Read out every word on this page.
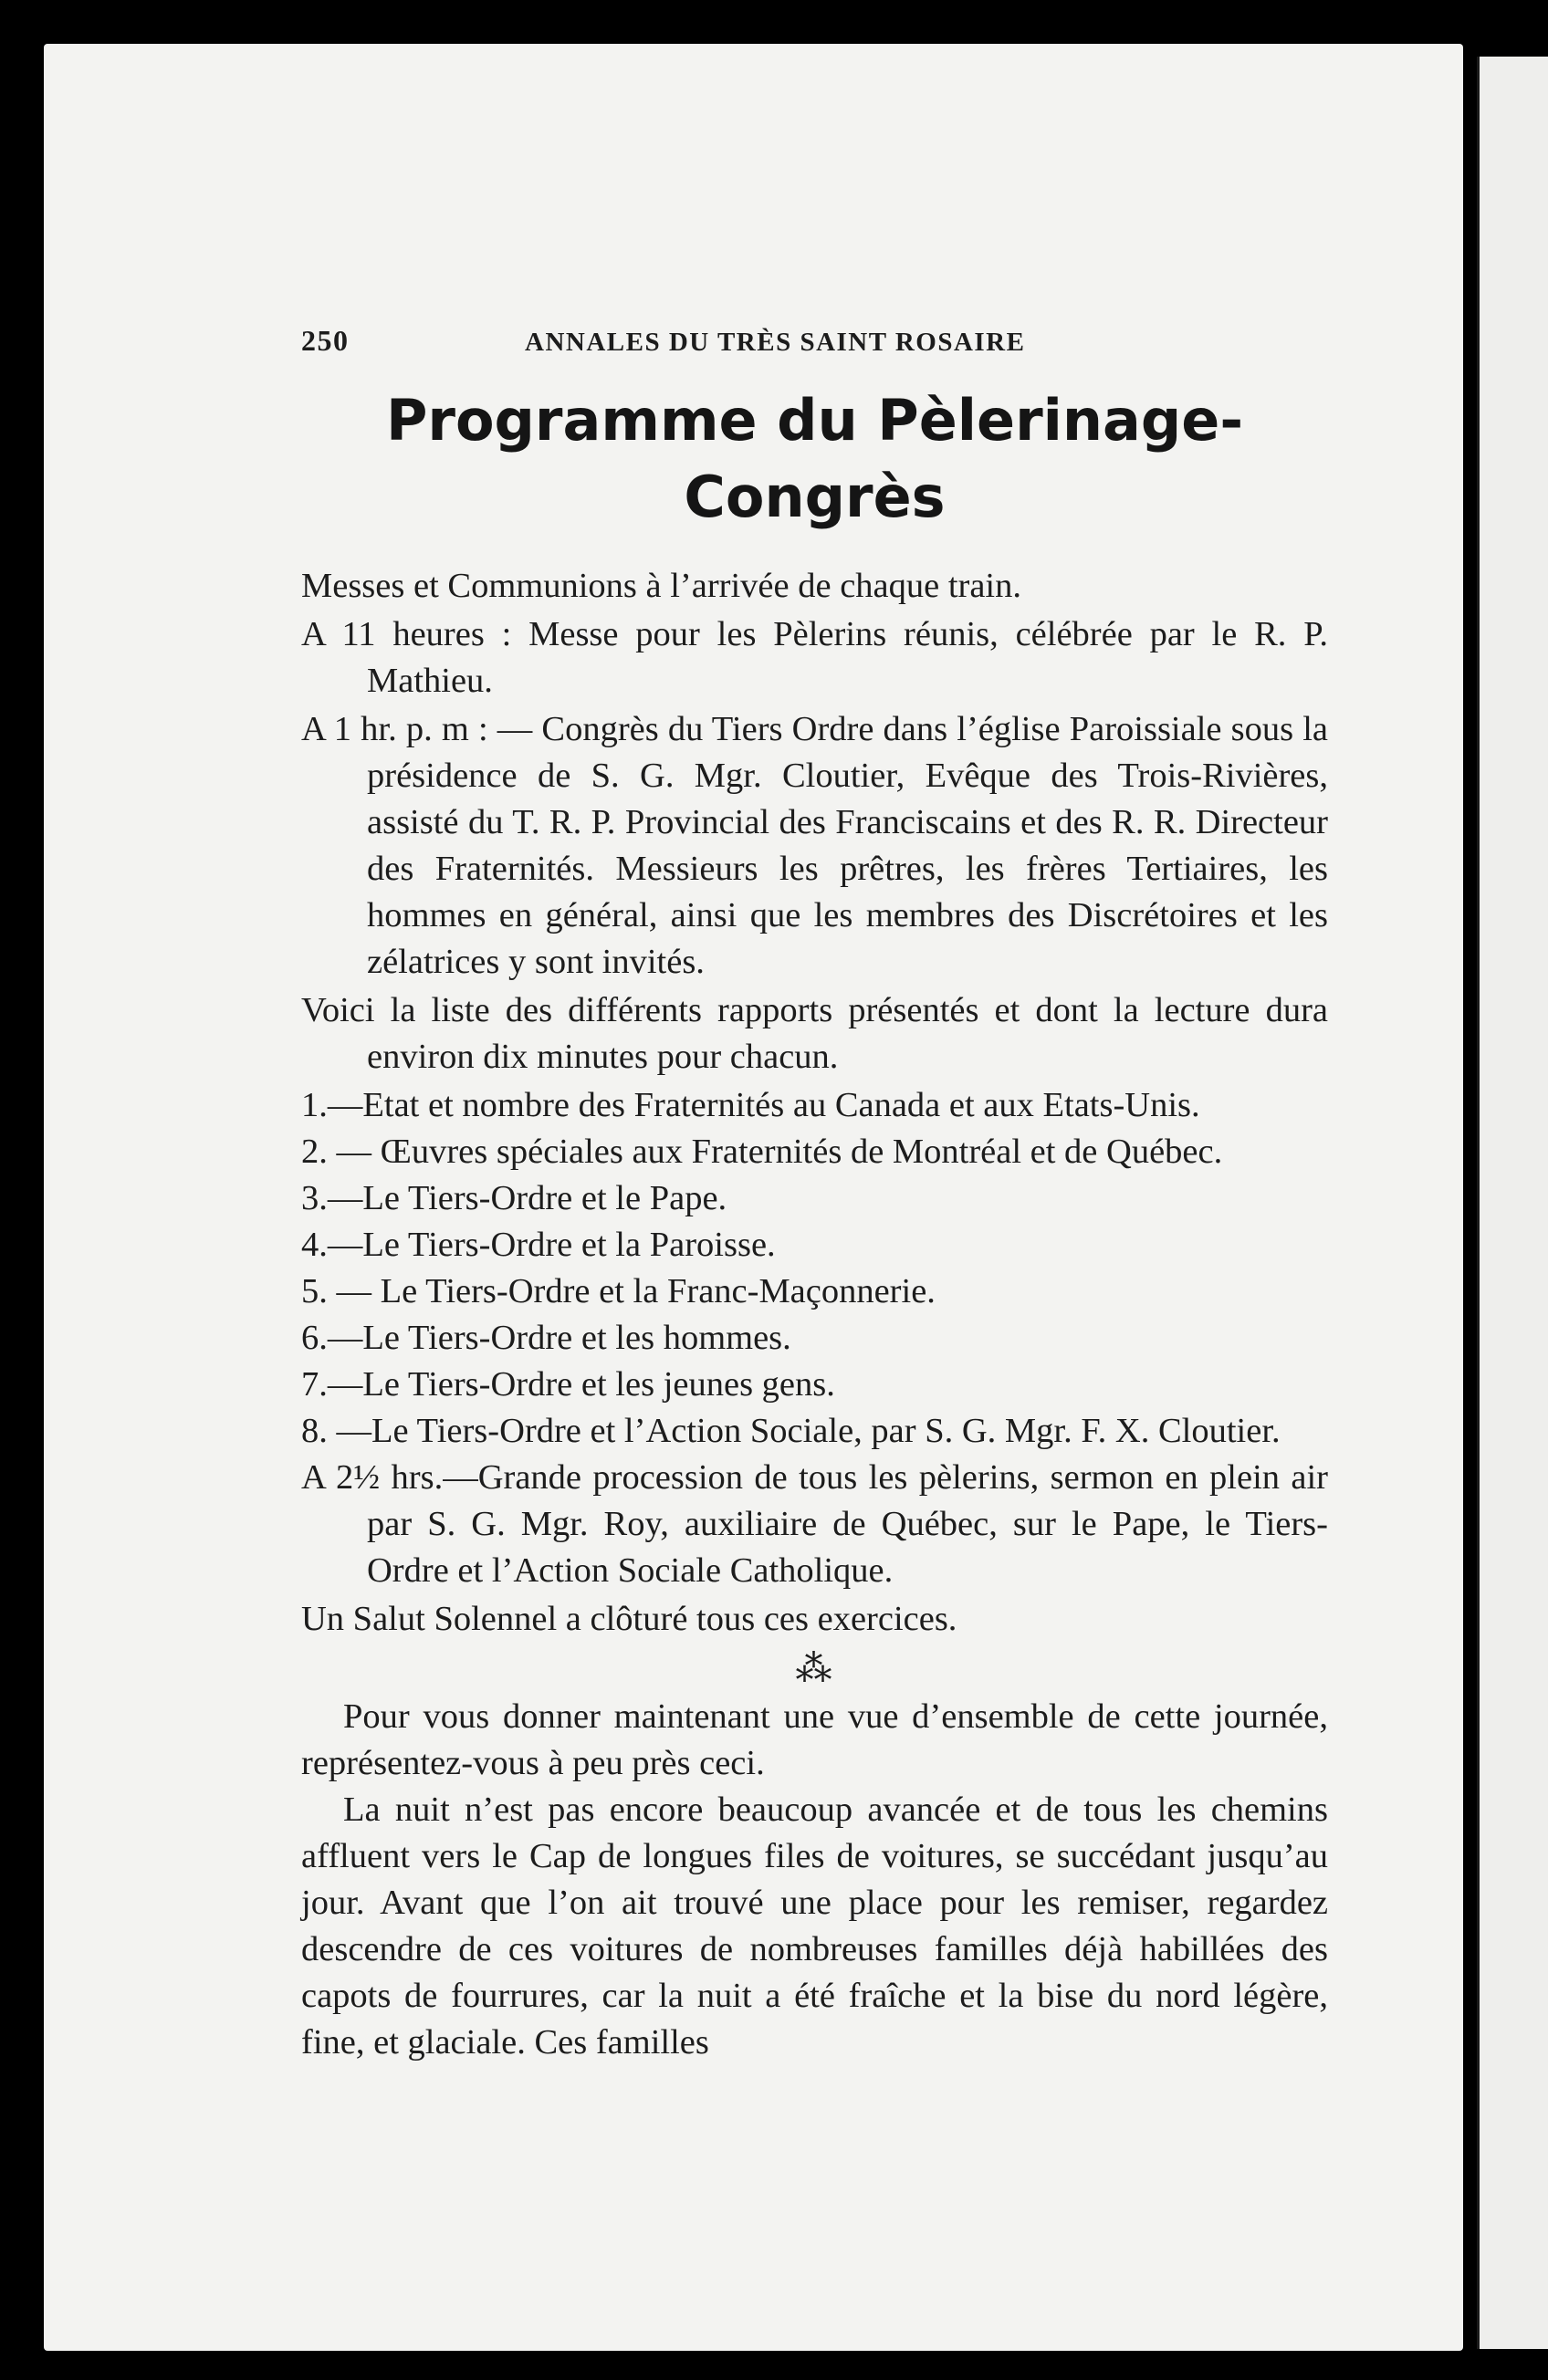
250	ANNALES DU TRÈS SAINT ROSAIRE
Programme du Pèlerinage-Congrès

Messes et Communions à l’arrivée de chaque train.

A 11 heures : Messe pour les Pèlerins réunis, célébrée par le R. P. Mathieu.

A 1 hr. p. m : — Congrès du Tiers Ordre dans l’église Paroissiale sous la présidence de S. G. Mgr. Cloutier, Evêque des Trois-Rivières, assisté du T. R. P. Provincial des Franciscains et des R. R. Directeur des Fraternités. Messieurs les prêtres, les frères Tertiaires, les hommes en général, ainsi que les membres des Discrétoires et les zélatrices y sont invités.

Voici la liste des différents rapports présentés et dont la lecture dura environ dix minutes pour chacun.

1.—Etat et nombre des Fraternités au Canada et aux Etats-Unis.

2. — Œuvres spéciales aux Fraternités de Montréal et de Québec.

3.—Le Tiers-Ordre et le Pape.

4.—Le Tiers-Ordre et la Paroisse.

5. — Le Tiers-Ordre et la Franc-Maçonnerie.

6.—Le Tiers-Ordre et les hommes.

7.—Le Tiers-Ordre et les jeunes gens.

8. —Le Tiers-Ordre et l’Action Sociale, par S. G. Mgr. F. X. Cloutier.

A 2½ hrs.—Grande procession de tous les pèlerins, sermon en plein air par S. G. Mgr. Roy, auxiliaire de Québec, sur le Pape, le Tiers-Ordre et l’Action Sociale Catholique.

Un Salut Solennel a clôturé tous ces exercices.

⁂

Pour vous donner maintenant une vue d’ensemble de cette journée, représentez-vous à peu près ceci.

La nuit n’est pas encore beaucoup avancée et de tous les chemins affluent vers le Cap de longues files de voitures, se succédant jusqu’au jour. Avant que l’on ait trouvé une place pour les remiser, regardez descendre de ces voitures de nombreuses familles déjà habillées des capots de fourrures, car la nuit a été fraîche et la bise du nord légère, fine, et glaciale. Ces familles
